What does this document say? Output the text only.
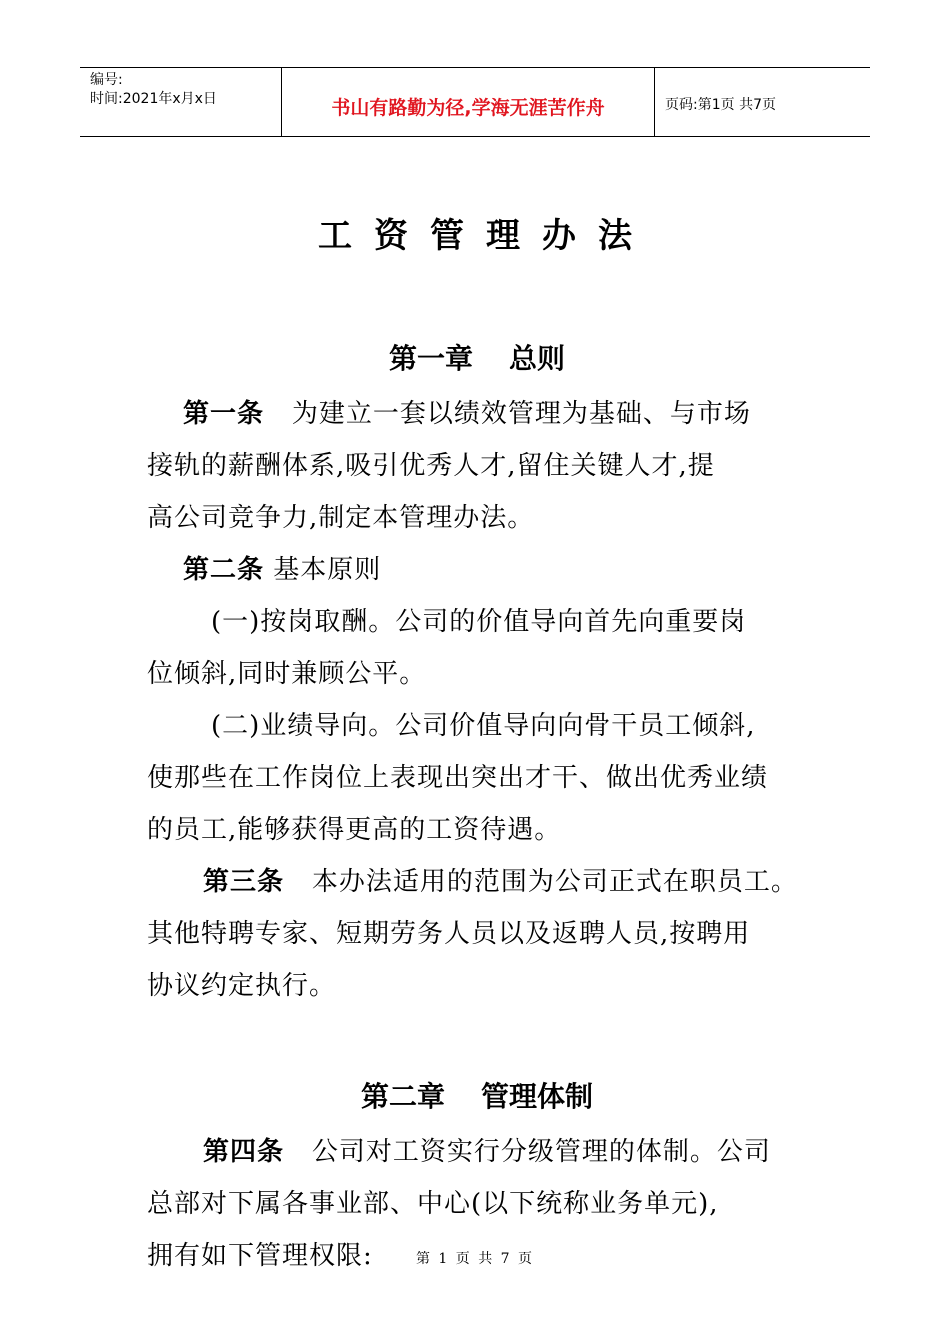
编号:
时间:2021年x月x日	书山有路勤为径,学海无涯苦作舟	页码:第1页 共7页
工资管理办法
第一章 总则

第一条 为建立一套以绩效管理为基础、与市场

接轨的薪酬体系,吸引优秀人才,留住关键人才,提

高公司竞争力,制定本管理办法。

第二条 基本原则

(一)按岗取酬。公司的价值导向首先向重要岗

位倾斜,同时兼顾公平。

(二)业绩导向。公司价值导向向骨干员工倾斜,

使那些在工作岗位上表现出突出才干、做出优秀业绩

的员工,能够获得更高的工资待遇。

第三条 本办法适用的范围为公司正式在职员工。

其他特聘专家、短期劳务人员以及返聘人员,按聘用

协议约定执行。

第二章 管理体制

第四条 公司对工资实行分级管理的体制。公司

总部对下属各事业部、中心(以下统称业务单元),

拥有如下管理权限:	第 1 页 共 7 页
